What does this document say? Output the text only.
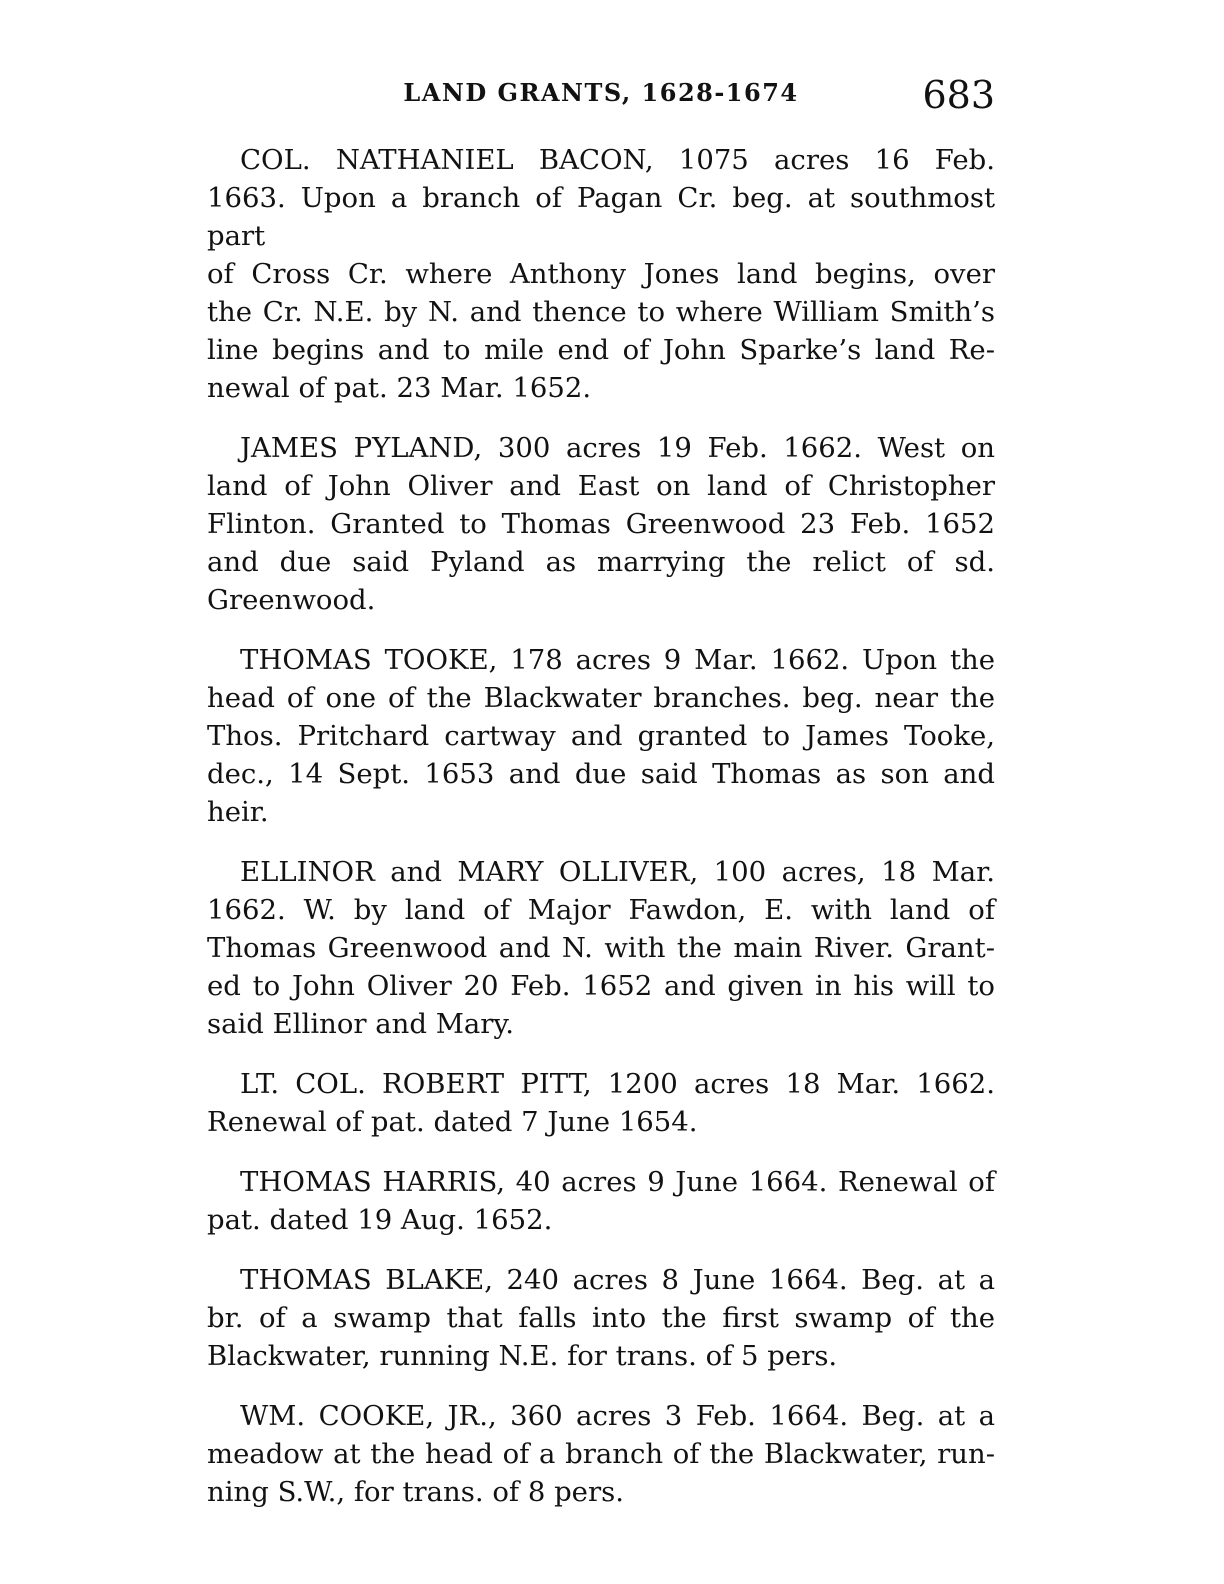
LAND GRANTS, 1628-1674	683

COL. NATHANIEL BACON, 1075 acres 16 Feb.
1663. Upon a branch of Pagan Cr. beg. at southmost part
of Cross Cr. where Anthony Jones land begins, over
the Cr. N.E. by N. and thence to where William Smith’s
line begins and to mile end of John Sparke’s land Re-
newal of pat. 23 Mar. 1652.

JAMES PYLAND, 300 acres 19 Feb. 1662. West on
land of John Oliver and East on land of Christopher
Flinton. Granted to Thomas Greenwood 23 Feb. 1652
and due said Pyland as marrying the relict of sd.
Greenwood.

THOMAS TOOKE, 178 acres 9 Mar. 1662. Upon the
head of one of the Blackwater branches. beg. near the
Thos. Pritchard cartway and granted to James Tooke,
dec., 14 Sept. 1653 and due said Thomas as son and heir.

ELLINOR and MARY OLLIVER, 100 acres, 18 Mar.
1662. W. by land of Major Fawdon, E. with land of
Thomas Greenwood and N. with the main River. Grant-
ed to John Oliver 20 Feb. 1652 and given in his will to
said Ellinor and Mary.

LT. COL. ROBERT PITT, 1200 acres 18 Mar. 1662.
Renewal of pat. dated 7 June 1654.

THOMAS HARRIS, 40 acres 9 June 1664. Renewal of
pat. dated 19 Aug. 1652.

THOMAS BLAKE, 240 acres 8 June 1664. Beg. at a
br. of a swamp that falls into the first swamp of the
Blackwater, running N.E. for trans. of 5 pers.

WM. COOKE, JR., 360 acres 3 Feb. 1664. Beg. at a
meadow at the head of a branch of the Blackwater, run-
ning S.W., for trans. of 8 pers.
